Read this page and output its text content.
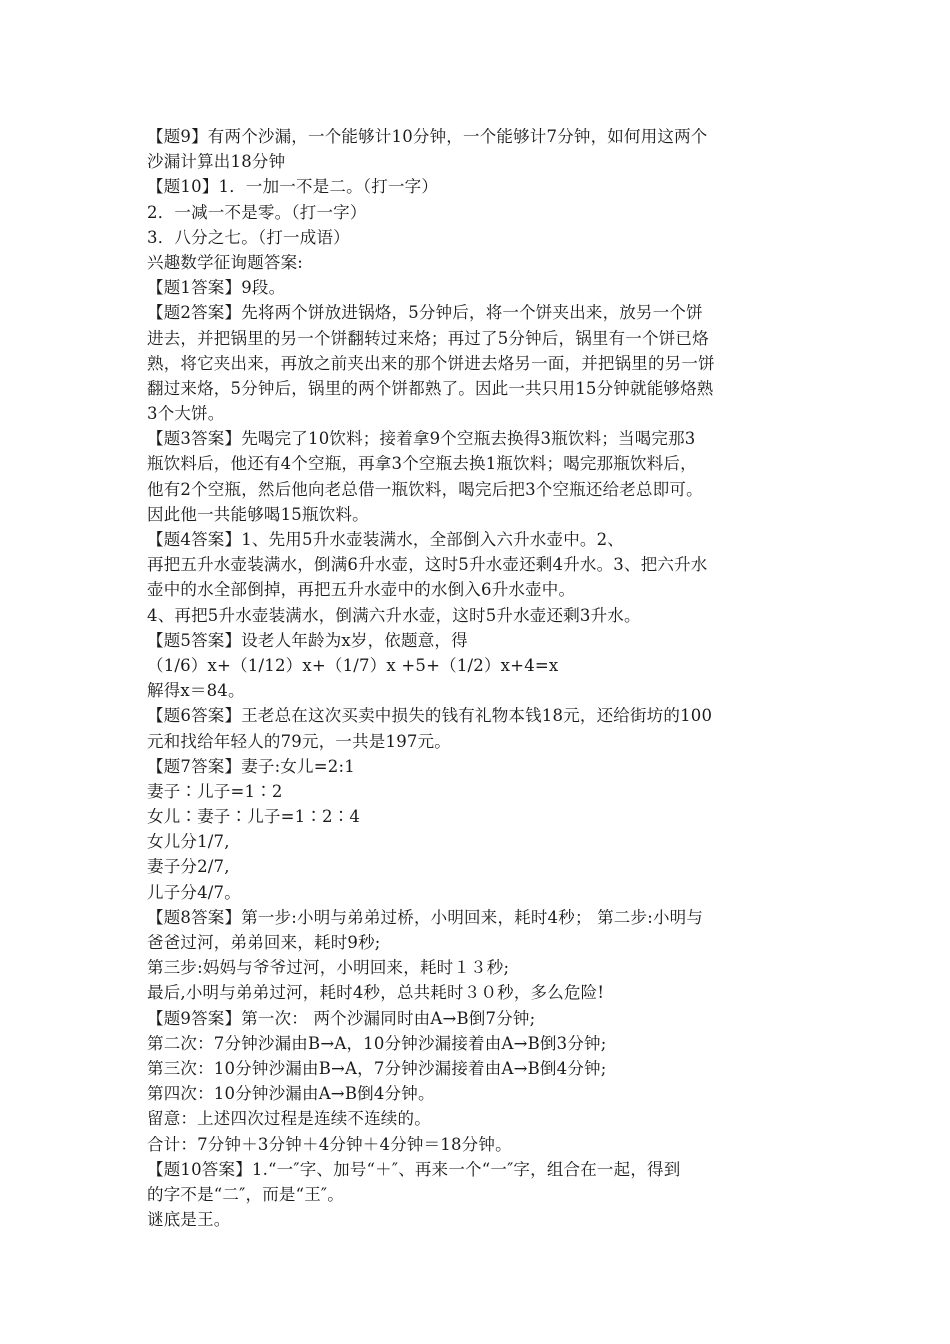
【题9】有两个沙漏，一个能够计10分钟，一个能够计7分钟，如何用这两个
沙漏计算出18分钟
【题10】1．一加一不是二。（打一字）
2．一减一不是零。（打一字）
3．八分之七。（打一成语）
兴趣数学征询题答案:
【题1答案】9段。
【题2答案】先将两个饼放进锅烙，5分钟后，将一个饼夹出来，放另一个饼
进去，并把锅里的另一个饼翻转过来烙；再过了5分钟后，锅里有一个饼已烙
熟，将它夹出来，再放之前夹出来的那个饼进去烙另一面，并把锅里的另一饼
翻过来烙，5分钟后，锅里的两个饼都熟了。因此一共只用15分钟就能够烙熟
3个大饼。
【题3答案】先喝完了10饮料；接着拿9个空瓶去换得3瓶饮料；当喝完那3
瓶饮料后，他还有4个空瓶，再拿3个空瓶去换1瓶饮料；喝完那瓶饮料后，
他有2个空瓶，然后他向老总借一瓶饮料，喝完后把3个空瓶还给老总即可。
因此他一共能够喝15瓶饮料。
【题4答案】1、先用5升水壶装满水，全部倒入六升水壶中。2、
再把五升水壶装满水，倒满6升水壶，这时5升水壶还剩4升水。3、把六升水
壶中的水全部倒掉，再把五升水壶中的水倒入6升水壶中。
4、再把5升水壶装满水，倒满六升水壶，这时5升水壶还剩3升水。
【题5答案】设老人年龄为x岁，依题意，得
（1/6）x+（1/12）x+（1/7）x +5+（1/2）x+4=x
解得x＝84。
【题6答案】王老总在这次买卖中损失的钱有礼物本钱18元，还给街坊的100
元和找给年轻人的79元，一共是197元。
【题7答案】妻子:女儿=2:1
妻子∶儿子=1∶2
女儿∶妻子∶儿子=1∶2∶4
女儿分1/7,
妻子分2/7,
儿子分4/7。
【题8答案】第一步:小明与弟弟过桥，小明回来，耗时4秒； 第二步:小明与
爸爸过河，弟弟回来，耗时9秒;
第三步:妈妈与爷爷过河，小明回来，耗时１３秒;
最后,小明与弟弟过河，耗时4秒，总共耗时３０秒，多么危险!
【题9答案】第一次： 两个沙漏同时由A→B倒7分钟;
第二次：7分钟沙漏由B→A，10分钟沙漏接着由A→B倒3分钟;
第三次：10分钟沙漏由B→A，7分钟沙漏接着由A→B倒4分钟;
第四次：10分钟沙漏由A→B倒4分钟。
留意：上述四次过程是连续不连续的。
合计：7分钟＋3分钟＋4分钟＋4分钟＝18分钟。
【题10答案】1.“一″字、加号“＋″、再来一个“一″字，组合在一起，得到
的字不是“二″，而是“王″。
谜底是王。
